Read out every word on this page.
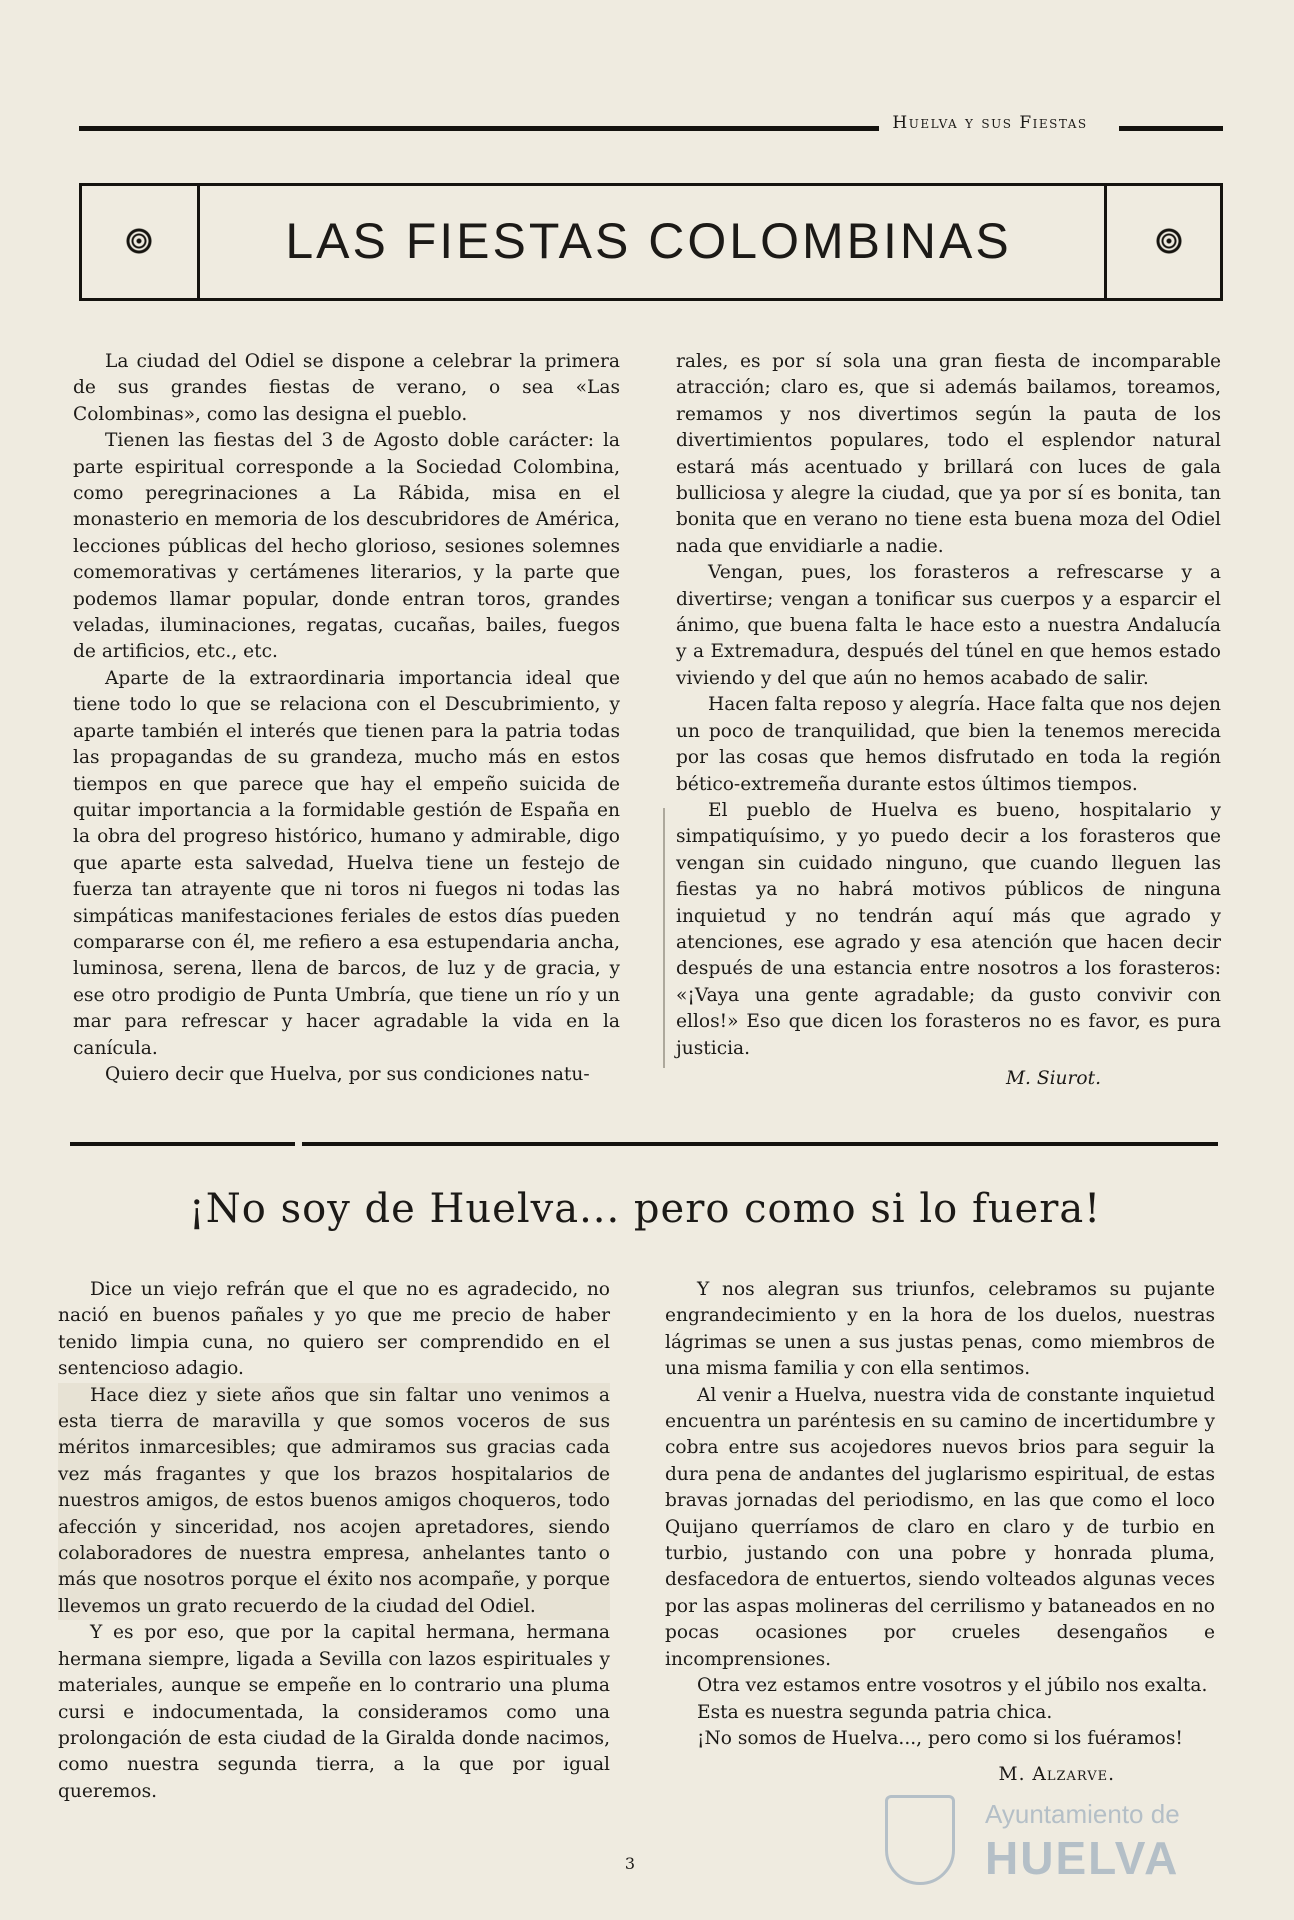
Huelva y sus Fiestas
LAS FIESTAS COLOMBINAS

La ciudad del Odiel se dispone a celebrar la primera de sus grandes fiestas de verano, o sea «Las Colombinas», como las designa el pueblo.

Tienen las fiestas del 3 de Agosto doble carácter: la parte espiritual corresponde a la Sociedad Colombina, como peregrinaciones a La Rábida, misa en el monasterio en memoria de los descubridores de América, lecciones públicas del hecho glorioso, sesiones solemnes comemorativas y certámenes literarios, y la parte que podemos llamar popular, donde entran toros, grandes veladas, iluminaciones, regatas, cucañas, bailes, fuegos de artificios, etc., etc.

Aparte de la extraordinaria importancia ideal que tiene todo lo que se relaciona con el Descubrimiento, y aparte también el interés que tienen para la patria todas las propagandas de su grandeza, mucho más en estos tiempos en que parece que hay el empeño suicida de quitar importancia a la formidable gestión de España en la obra del progreso histórico, humano y admirable, digo que aparte esta salvedad, Huelva tiene un festejo de fuerza tan atrayente que ni toros ni fuegos ni todas las simpáticas manifestaciones feriales de estos días pueden compararse con él, me refiero a esa estupendaria ancha, luminosa, serena, llena de barcos, de luz y de gracia, y ese otro prodigio de Punta Umbría, que tiene un río y un mar para refrescar y hacer agradable la vida en la canícula.

Quiero decir que Huelva, por sus condiciones natu-

rales, es por sí sola una gran fiesta de incomparable atracción; claro es, que si además bailamos, toreamos, remamos y nos divertimos según la pauta de los divertimientos populares, todo el esplendor natural estará más acentuado y brillará con luces de gala bulliciosa y alegre la ciudad, que ya por sí es bonita, tan bonita que en verano no tiene esta buena moza del Odiel nada que envidiarle a nadie.

Vengan, pues, los forasteros a refrescarse y a divertirse; vengan a tonificar sus cuerpos y a esparcir el ánimo, que buena falta le hace esto a nuestra Andalucía y a Extremadura, después del túnel en que hemos estado viviendo y del que aún no hemos acabado de salir.

Hacen falta reposo y alegría. Hace falta que nos dejen un poco de tranquilidad, que bien la tenemos merecida por las cosas que hemos disfrutado en toda la región bético-extremeña durante estos últimos tiempos.

El pueblo de Huelva es bueno, hospitalario y simpatiquísimo, y yo puedo decir a los forasteros que vengan sin cuidado ninguno, que cuando lleguen las fiestas ya no habrá motivos públicos de ninguna inquietud y no tendrán aquí más que agrado y atenciones, ese agrado y esa atención que hacen decir después de una estancia entre nosotros a los forasteros: «¡Vaya una gente agradable; da gusto convivir con ellos!» Eso que dicen los forasteros no es favor, es pura justicia.

M. Siurot.
¡No soy de Huelva... pero como si lo fuera!

Dice un viejo refrán que el que no es agradecido, no nació en buenos pañales y yo que me precio de haber tenido limpia cuna, no quiero ser comprendido en el sentencioso adagio.

Hace diez y siete años que sin faltar uno venimos a esta tierra de maravilla y que somos voceros de sus méritos inmarcesibles; que admiramos sus gracias cada vez más fragantes y que los brazos hospitalarios de nuestros amigos, de estos buenos amigos choqueros, todo afección y sinceridad, nos acojen apretadores, siendo colaboradores de nuestra empresa, anhelantes tanto o más que nosotros porque el éxito nos acompañe, y porque llevemos un grato recuerdo de la ciudad del Odiel.

Y es por eso, que por la capital hermana, hermana hermana siempre, ligada a Sevilla con lazos espirituales y materiales, aunque se empeñe en lo contrario una pluma cursi e indocumentada, la consideramos como una prolongación de esta ciudad de la Giralda donde nacimos, como nuestra segunda tierra, a la que por igual queremos.

Y nos alegran sus triunfos, celebramos su pujante engrandecimiento y en la hora de los duelos, nuestras lágrimas se unen a sus justas penas, como miembros de una misma familia y con ella sentimos.

Al venir a Huelva, nuestra vida de constante inquietud encuentra un paréntesis en su camino de incertidumbre y cobra entre sus acojedores nuevos brios para seguir la dura pena de andantes del juglarismo espiritual, de estas bravas jornadas del periodismo, en las que como el loco Quijano querríamos de claro en claro y de turbio en turbio, justando con una pobre y honrada pluma, desfacedora de entuertos, siendo volteados algunas veces por las aspas molineras del cerrilismo y bataneados en no pocas ocasiones por crueles desengaños e incomprensiones.

Otra vez estamos entre vosotros y el júbilo nos exalta.

Esta es nuestra segunda patria chica.

¡No somos de Huelva..., pero como si los fuéramos!

M. Alzarve.
3
Ayuntamiento de
HUELVA
